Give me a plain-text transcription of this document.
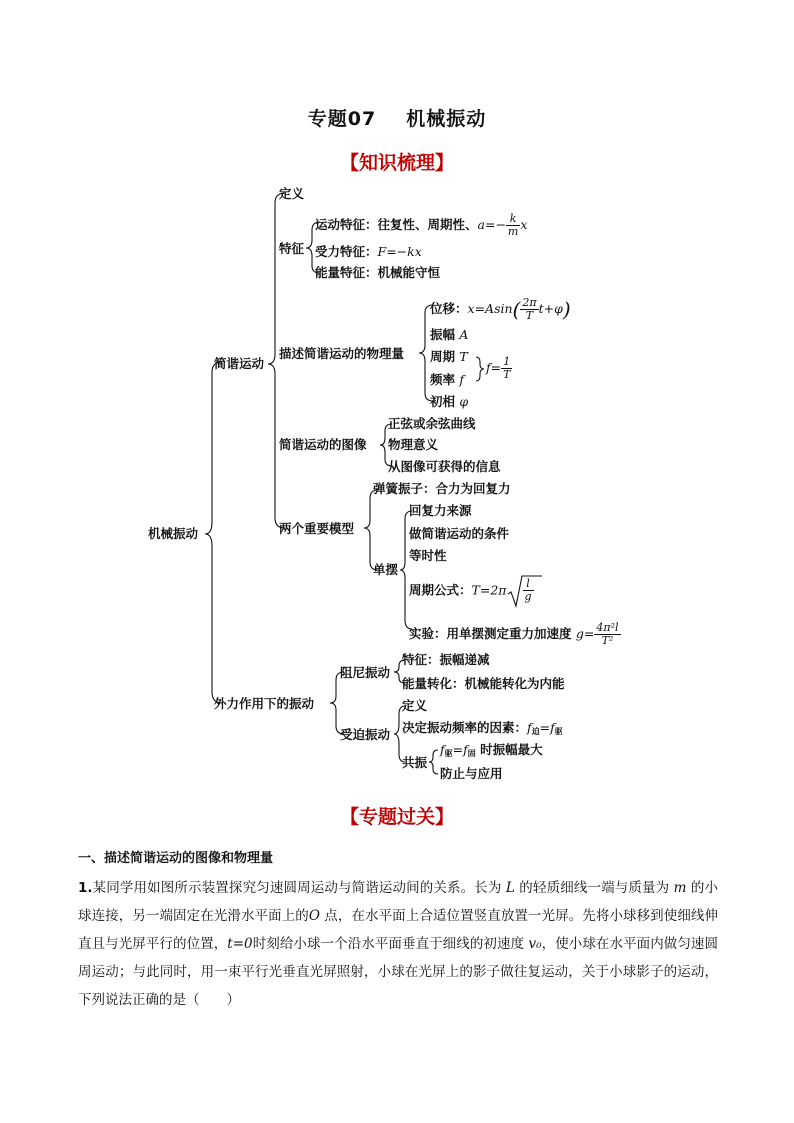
专题07 机械振动
【知识梳理】
机械振动
简谐运动
定义
特征
运动特征：往复性、周期性、$a=- \frac{k}{m}$ x
受力特征：F=−kx
能量特征：机械能守恒
描述简谐运动的物理量
位移：$x=Asin( \frac{2\pi}{T} t+\varphi)$
振幅 A
周期 T
频率 f
$f= \frac{1}{T}$
初相 φ
简谐运动的图像
正弦或余弦曲线
物理意义
从图像可获得的信息
两个重要模型
弹簧振子：合力为回复力
单摆
回复力来源
做简谐运动的条件
等时性
周期公式：$T=2\pi \frac{l}{g}$
实验：用单摆测定重力加速度 $g= \frac{\text{4π²l}}{\text{T²}}$
外力作用下的振动
阻尼振动
特征：振幅递减
能量转化：机械能转化为内能
受迫振动
定义
决定振动频率的因素：$f_迫=f_驱$
共振
$f_驱=f_固$ 时振幅最大
防止与应用
【专题过关】
一、描述简谐运动的图像和物理量
1.某同学用如图所示装置探究匀速圆周运动与简谐运动间的关系。长为 L 的轻质细线一端与质量为 m 的小球连接，另一端固定在光滑水平面上的O 点，在水平面上合适位置竖直放置一光屏。先将小球移到使细线伸直且与光屏平行的位置，t=0时刻给小球一个沿水平面垂直于细线的初速度 v₀，使小球在水平面内做匀速圆周运动；与此同时，用一束平行光垂直光屏照射，小球在光屏上的影子做往复运动，关于小球影子的运动，下列说法正确的是（　　）
